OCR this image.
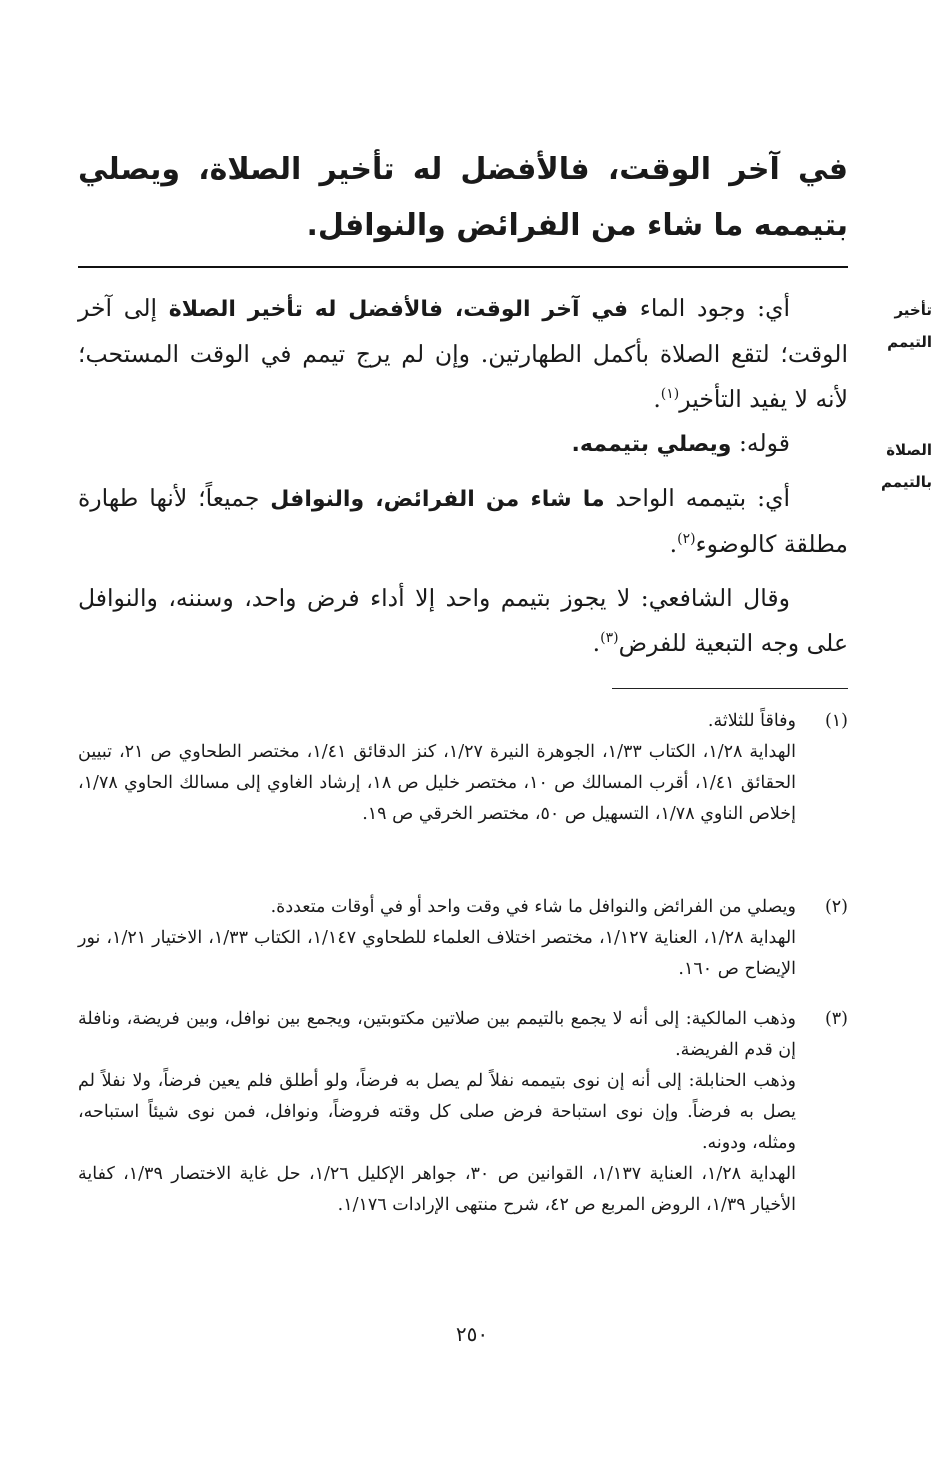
في آخر الوقت، فالأفضل له تأخير الصلاة، ويصلي بتيممه ما شاء من الفرائض والنوافل.
تأخير التيمم
الصلاة بالتيمم
أي: وجود الماء في آخر الوقت، فالأفضل له تأخير الصلاة إلى آخر الوقت؛ لتقع الصلاة بأكمل الطهارتين. وإن لم يرج تيمم في الوقت المستحب؛ لأنه لا يفيد التأخير$^{(١)}$.
قوله: ويصلي بتيممه.
أي: بتيممه الواحد ما شاء من الفرائض، والنوافل جميعاً؛ لأنها طهارة مطلقة كالوضوء$^{(٢)}$.
وقال الشافعي: لا يجوز بتيمم واحد إلا أداء فرض واحد، وسننه، والنوافل على وجه التبعية للفرض$^{(٣)}$.
(١)
وفاقاً للثلاثة.
الهداية ١/٢٨، الكتاب ١/٣٣، الجوهرة النيرة ١/٢٧، كنز الدقائق ١/٤١، مختصر الطحاوي ص ٢١، تبيين الحقائق ١/٤١، أقرب المسالك ص ١٠، مختصر خليل ص ١٨، إرشاد الغاوي إلى مسالك الحاوي ١/٧٨، إخلاص الناوي ١/٧٨، التسهيل ص ٥٠، مختصر الخرقي ص ١٩.
(٢)
ويصلي من الفرائض والنوافل ما شاء في وقت واحد أو في أوقات متعددة.
الهداية ١/٢٨، العناية ١/١٢٧، مختصر اختلاف العلماء للطحاوي ١/١٤٧، الكتاب ١/٣٣، الاختيار ١/٢١، نور الإيضاح ص ١٦٠.
(٣)
وذهب المالكية: إلى أنه لا يجمع بالتيمم بين صلاتين مكتوبتين، ويجمع بين نوافل، وبين فريضة، ونافلة إن قدم الفريضة.
وذهب الحنابلة: إلى أنه إن نوى بتيممه نفلاً لم يصل به فرضاً، ولو أطلق فلم يعين فرضاً، ولا نفلاً لم يصل به فرضاً. وإن نوى استباحة فرض صلى كل وقته فروضاً، ونوافل، فمن نوى شيئاً استباحه، ومثله، ودونه.
الهداية ١/٢٨، العناية ١/١٣٧، القوانين ص ٣٠، جواهر الإكليل ١/٢٦، حل غاية الاختصار ١/٣٩، كفاية الأخيار ١/٣٩، الروض المربع ص ٤٢، شرح منتهى الإرادات ١/١٧٦.
٢٥٠
